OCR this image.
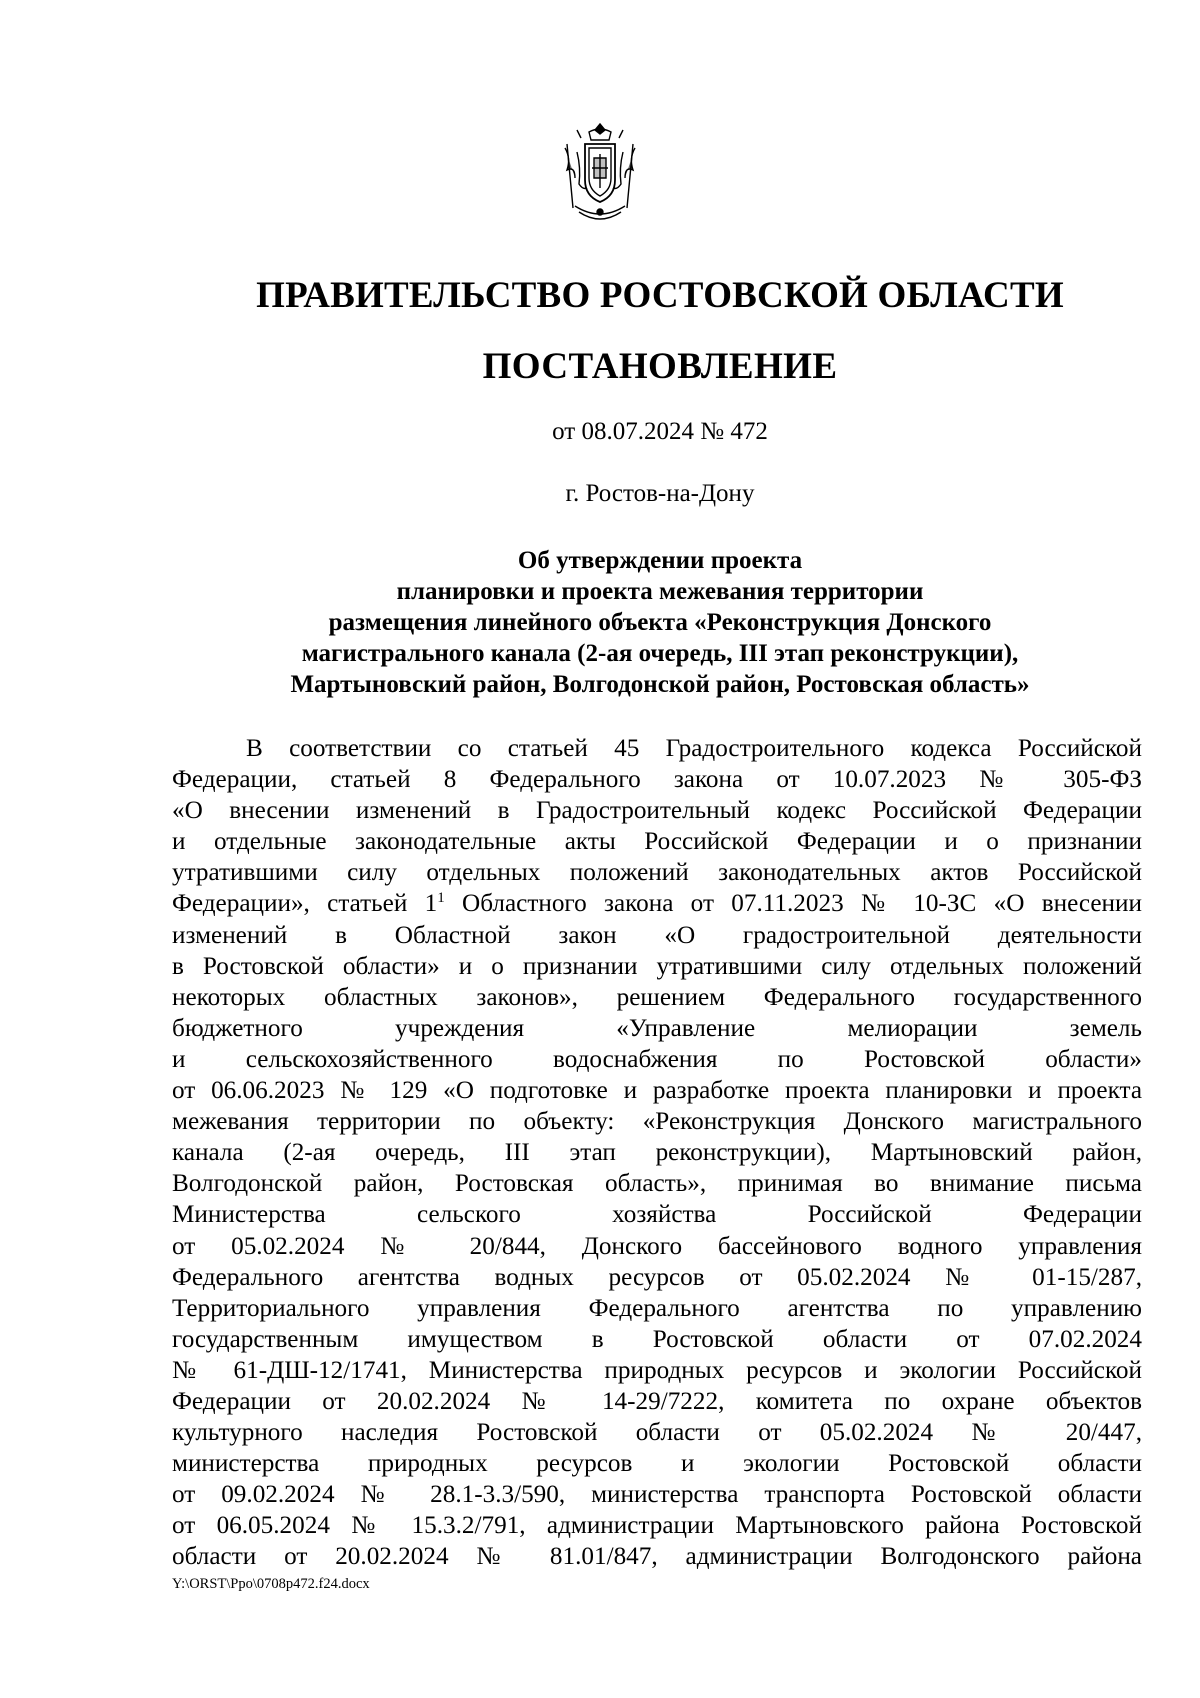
ПРАВИТЕЛЬСТВО РОСТОВСКОЙ ОБЛАСТИ
ПОСТАНОВЛЕНИЕ
от 08.07.2024 № 472
г. Ростов-на-Дону
Об утверждении проекта
планировки и проекта межевания территории
размещения линейного объекта «Реконструкция Донского
магистрального канала (2-ая очередь, III этап реконструкции),
Мартыновский район, Волгодонской район, Ростовская область»
В соответствии со статьей 45 Градостроительного кодекса Российской
Федерации, статьей 8 Федерального закона от 10.07.2023 № 305-ФЗ
«О внесении изменений в Градостроительный кодекс Российской Федерации
и отдельные законодательные акты Российской Федерации и о признании
утратившими силу отдельных положений законодательных актов Российской
Федерации», статьей $1^1$ Областного закона от 07.11.2023 № 10-ЗС «О внесении
изменений в Областной закон «О градостроительной деятельности
в Ростовской области» и о признании утратившими силу отдельных положений
некоторых областных законов», решением Федерального государственного
бюджетного учреждения «Управление мелиорации земель
и сельскохозяйственного водоснабжения по Ростовской области»
от 06.06.2023 № 129 «О подготовке и разработке проекта планировки и проекта
межевания территории по объекту: «Реконструкция Донского магистрального
канала (2-ая очередь, III этап реконструкции), Мартыновский район,
Волгодонской район, Ростовская область», принимая во внимание письма
Министерства сельского хозяйства Российской Федерации
от 05.02.2024 № 20/844, Донского бассейнового водного управления
Федерального агентства водных ресурсов от 05.02.2024 № 01-15/287,
Территориального управления Федерального агентства по управлению
государственным имуществом в Ростовской области от 07.02.2024
№ 61-ДШ-12/1741, Министерства природных ресурсов и экологии Российской
Федерации от 20.02.2024 № 14-29/7222, комитета по охране объектов
культурного наследия Ростовской области от 05.02.2024 № 20/447,
министерства природных ресурсов и экологии Ростовской области
от 09.02.2024 № 28.1-3.3/590, министерства транспорта Ростовской области
от 06.05.2024 № 15.3.2/791, администрации Мартыновского района Ростовской
области от 20.02.2024 № 81.01/847, администрации Волгодонского района
Y:\ORST\Ppo\0708p472.f24.docx
